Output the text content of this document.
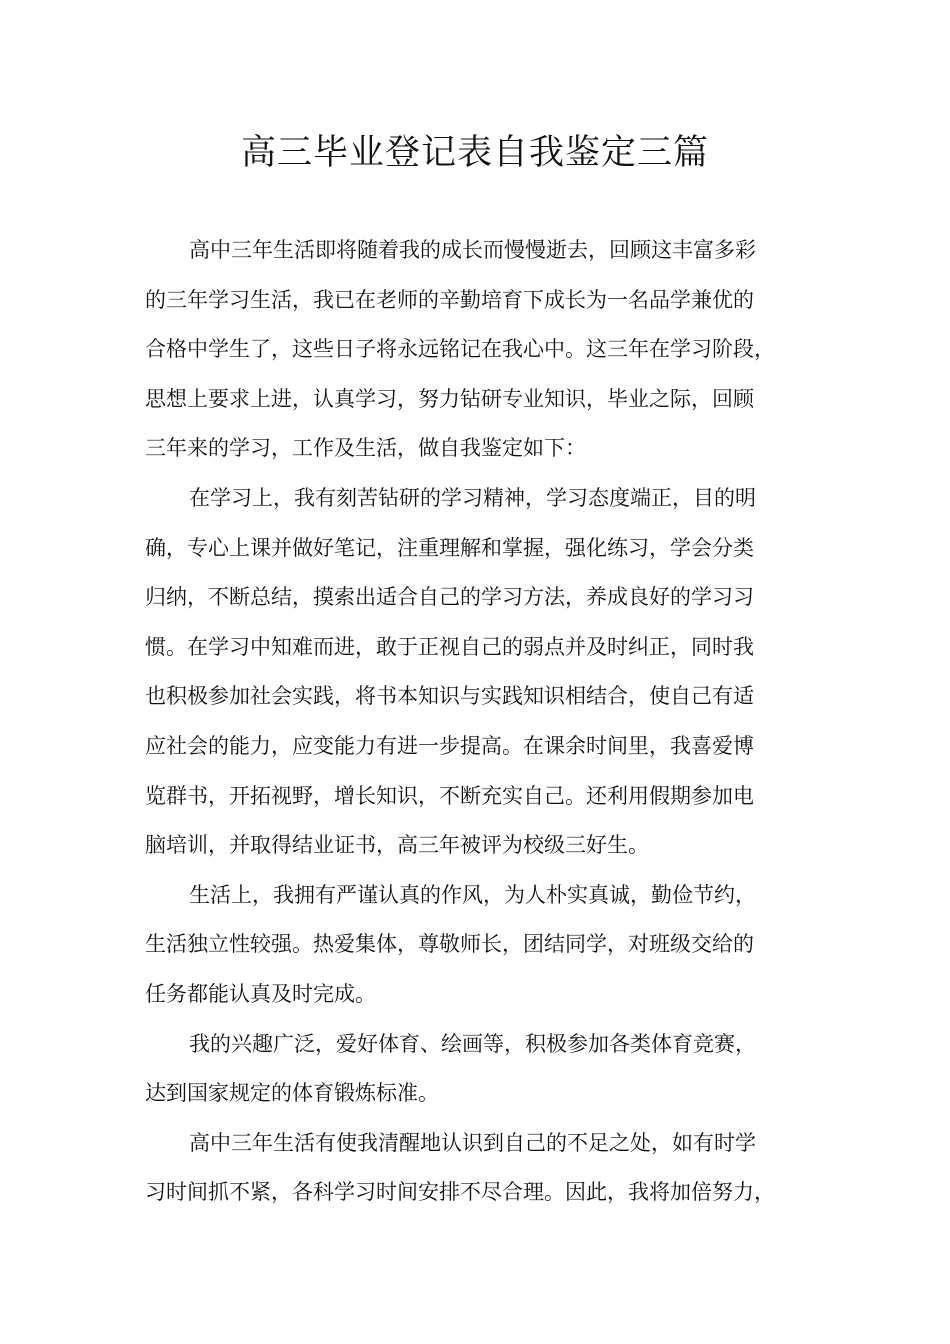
高三毕业登记表自我鉴定三篇
高中三年生活即将随着我的成长而慢慢逝去，回顾这丰富多彩
的三年学习生活，我已在老师的辛勤培育下成长为一名品学兼优的
合格中学生了，这些日子将永远铭记在我心中。这三年在学习阶段，
思想上要求上进，认真学习，努力钻研专业知识，毕业之际，回顾
三年来的学习，工作及生活，做自我鉴定如下：
在学习上，我有刻苦钻研的学习精神，学习态度端正，目的明
确，专心上课并做好笔记，注重理解和掌握，强化练习，学会分类
归纳，不断总结，摸索出适合自己的学习方法，养成良好的学习习
惯。在学习中知难而进，敢于正视自己的弱点并及时纠正，同时我
也积极参加社会实践，将书本知识与实践知识相结合，使自己有适
应社会的能力，应变能力有进一步提高。在课余时间里，我喜爱博
览群书，开拓视野，增长知识，不断充实自己。还利用假期参加电
脑培训，并取得结业证书，高三年被评为校级三好生。
生活上，我拥有严谨认真的作风，为人朴实真诚，勤俭节约，
生活独立性较强。热爱集体，尊敬师长，团结同学，对班级交给的
任务都能认真及时完成。
我的兴趣广泛，爱好体育、绘画等，积极参加各类体育竞赛，
达到国家规定的体育锻炼标准。
高中三年生活有使我清醒地认识到自己的不足之处，如有时学
习时间抓不紧，各科学习时间安排不尽合理。因此，我将加倍努力，
